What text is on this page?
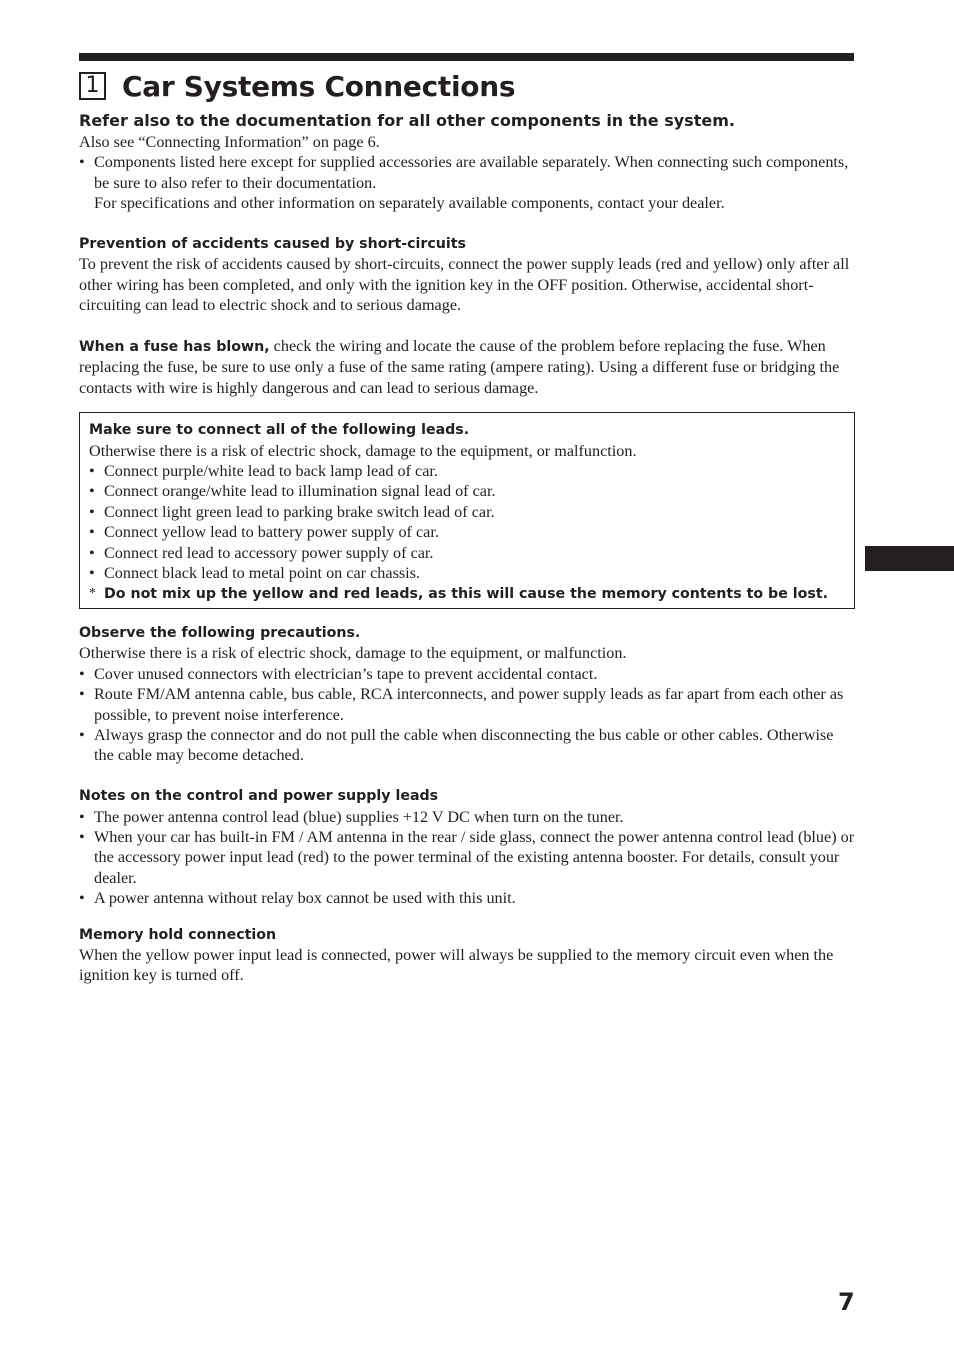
1 Car Systems Connections

Refer also to the documentation for all other components in the system.

Also see “Connecting Information” on page 6.

• Components listed here except for supplied accessories are available separately. When connecting such components, be sure to also refer to their documentation.
For specifications and other information on separately available components, contact your dealer.

Prevention of accidents caused by short-circuits

To prevent the risk of accidents caused by short-circuits, connect the power supply leads (red and yellow) only after all other wiring has been completed, and only with the ignition key in the OFF position. Otherwise, accidental short-circuiting can lead to electric shock and to serious damage.

When a fuse has blown, check the wiring and locate the cause of the problem before replacing the fuse. When replacing the fuse, be sure to use only a fuse of the same rating (ampere rating). Using a different fuse or bridging the contacts with wire is highly dangerous and can lead to serious damage.

Make sure to connect all of the following leads.

Otherwise there is a risk of electric shock, damage to the equipment, or malfunction.

• Connect purple/white lead to back lamp lead of car.
• Connect orange/white lead to illumination signal lead of car.
• Connect light green lead to parking brake switch lead of car.
• Connect yellow lead to battery power supply of car.
• Connect red lead to accessory power supply of car.
• Connect black lead to metal point on car chassis.
* Do not mix up the yellow and red leads, as this will cause the memory contents to be lost.

Observe the following precautions.

Otherwise there is a risk of electric shock, damage to the equipment, or malfunction.

• Cover unused connectors with electrician’s tape to prevent accidental contact.
• Route FM/AM antenna cable, bus cable, RCA interconnects, and power supply leads as far apart from each other as possible, to prevent noise interference.
• Always grasp the connector and do not pull the cable when disconnecting the bus cable or other cables. Otherwise the cable may become detached.

Notes on the control and power supply leads

• The power antenna control lead (blue) supplies +12 V DC when turn on the tuner.
• When your car has built-in FM / AM antenna in the rear / side glass, connect the power antenna control lead (blue) or the accessory power input lead (red) to the power terminal of the existing antenna booster. For details, consult your dealer.
• A power antenna without relay box cannot be used with this unit.

Memory hold connection

When the yellow power input lead is connected, power will always be supplied to the memory circuit even when the ignition key is turned off.

7
